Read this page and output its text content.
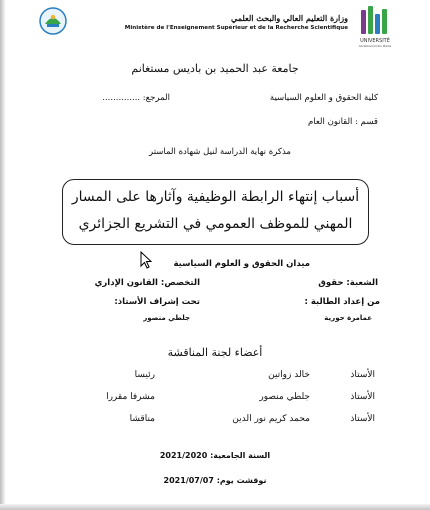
UNIVERSITÉ
Abdelhamid Ibn Badis
وزارة التعليم العالي والبحث العلمي
Ministère de l'Enseignement Supérieur et de la Recherche Scientifique
جامعة عبد الحميد بن باديس مستغانم
كلية الحقوق و العلوم السياسية
المرجع: ..............
قسم : القانون العام
مذكرة نهاية الدراسة لنيل شهادة الماستر
أسباب إنتهاء الرابطة الوظيفية وآثارها على المسار
المهني للموظف العمومي في التشريع الجزائري
ميدان الحقوق و العلوم السياسية
الشعبة: حقوق
التخصص: القانون الإداري
من إعداد الطالبة :
تحت إشراف الأستاذ:
عمامرة حورية
جلطي منصور
أعضاء لجنة المناقشة
الأستاذ
خالد زواتين
رئيسا
الأستاذ
جلطي منصور
مشرفا مقررا
الأستاذ
محمد كريم نور الدين
مناقشا
السنة الجامعية: 2021/2020
نوقشت يوم: 2021/07/07
